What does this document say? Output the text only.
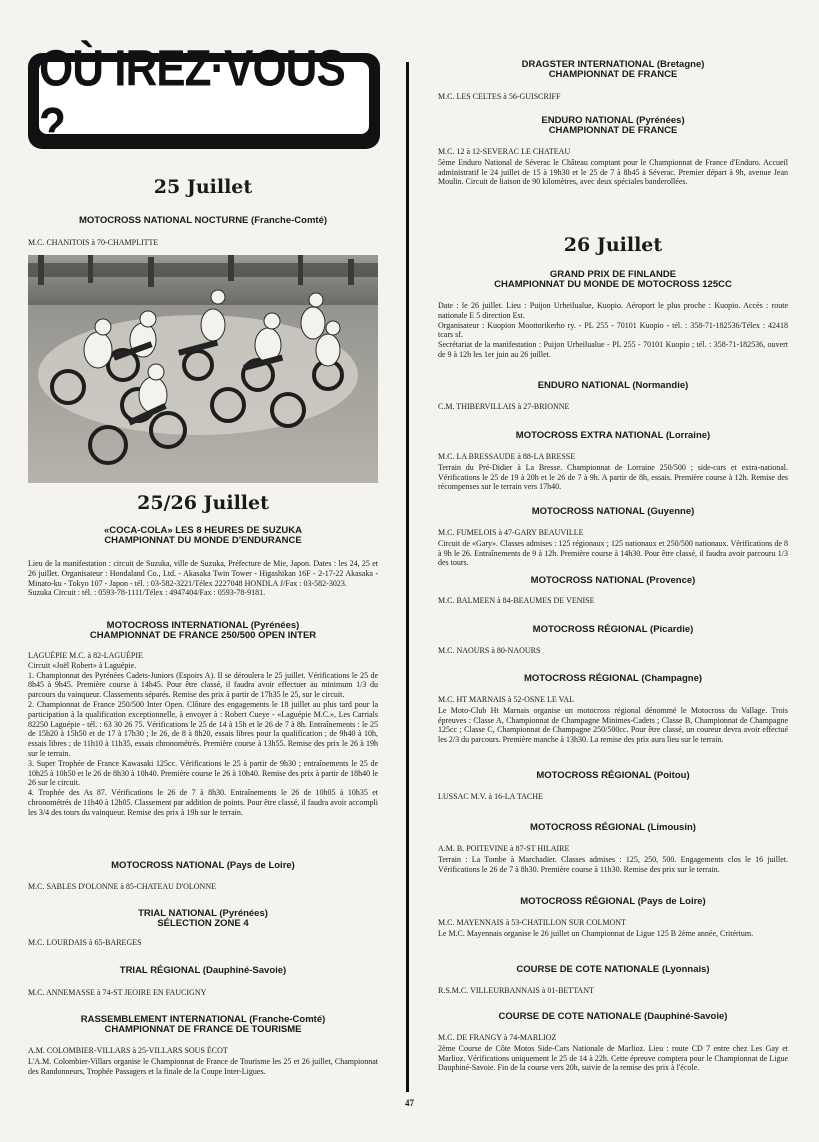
OÙ IREZ·VOUS ?
25 Juillet
MOTOCROSS NATIONAL NOCTURNE (Franche-Comté)

M.C. CHANITOIS à 70-CHAMPLITTE

25/26 Juillet
«COCA-COLA» LES 8 HEURES DE SUZUKA
CHAMPIONNAT DU MONDE D'ENDURANCE

Lieu de la manifestation : circuit de Suzuka, ville de Suzuka, Préfecture de Mie, Japon. Dates : les 24, 25 et 26 juillet. Organisateur : Hondaland Co., Ltd. - Akasaka Twin Tower - Higashikan 16F - 2-17-22 Akasaka - Minato-ku - Tokyo 107 - Japon - tél. : 03-582-3221/Télex 2227048 HONDLA J/Fax : 03-582-3023.
Suzuka Circuit : tél. : 0593-78-1111/Télex : 4947404/Fax : 0593-78-9181.

MOTOCROSS INTERNATIONAL (Pyrénées)
CHAMPIONNAT DE FRANCE 250/500 OPEN INTER

LAGUÉPIE M.C. à 82-LAGUÉPIE
Circuit «Joël Robert» à Laguépie.
1. Championnat des Pyrénées Cadets-Juniors (Espoirs A). Il se déroulera le 25 juillet. Vérifications le 25 de 8h45 à 9h45. Première course à 14h45. Pour être classé, il faudra avoir effectuer au minimum 1/3 du parcours du vainqueur. Classements séparés. Remise des prix à partir de 17h35 le 25, sur le circuit.
2. Championnat de France 250/500 Inter Open. Clôture des engagements le 18 juillet au plus tard pour la participation à la qualification exceptionnelle, à envoyer à : Robert Cueye - «Laguépie M.C.», Les Carrials 82250 Laguépie - tél. : 63 30 26 75. Vérifications le 25 de 14 à 15h et le 26 de 7 à 8h. Entraînements : le 25 de 15h20 à 15h50 et de 17 à 17h30 ; le 26, de 8 à 8h20, essais libres pour la qualification ; de 9h40 à 10h, essais libres ; de 11h10 à 11h35, essais chronométrés. Première course à 13h55. Remise des prix le 26 à 19h sur le terrain.
3. Super Trophée de France Kawasaki 125cc. Vérifications le 25 à partir de 9h30 ; entraînements le 25 de 10h25 à 10h50 et le 26 de 8h30 à 10h40. Première course le 26 à 10h40. Remise des prix à partir de 18h40 le 26 sur le circuit.
4. Trophée des As 87. Vérifications le 26 de 7 à 8h30. Entraînements le 26 de 10h05 à 10h35 et chronométrés de 11h40 à 12h05. Classement par addition de points. Pour être classé, il faudra avoir accompli les 3/4 des tours du vainqueur. Remise des prix à 19h sur le terrain.

MOTOCROSS NATIONAL (Pays de Loire)

M.C. SABLES D'OLONNE à 85-CHATEAU D'OLONNE

TRIAL NATIONAL (Pyrénées)
SÉLECTION ZONE 4

M.C. LOURDAIS à 65-BAREGES

TRIAL RÉGIONAL (Dauphiné-Savoie)

M.C. ANNEMASSE à 74-ST JEOIRE EN FAUCIGNY

RASSEMBLEMENT INTERNATIONAL (Franche-Comté)
CHAMPIONNAT DE FRANCE DE TOURISME

A.M. COLOMBIER-VILLARS à 25-VILLARS SOUS ÉCOT

L'A.M. Colombier-Villars organise le Championnat de France de Tourisme les 25 et 26 juillet, Championnat des Randonneurs, Trophée Passagers et la finale de la Coupe Inter-Ligues.

DRAGSTER INTERNATIONAL (Bretagne)
CHAMPIONNAT DE FRANCE

M.C. LES CELTES à 56-GUISCRIFF

ENDURO NATIONAL (Pyrénées)
CHAMPIONNAT DE FRANCE

M.C. 12 à 12-SEVERAC LE CHATEAU

5ème Enduro National de Séverac le Château comptant pour le Championnat de France d'Enduro. Accueil administratif le 24 juillet de 15 à 19h30 et le 25 de 7 à 8h45 à Séverac. Premier départ à 9h, avenue Jean Moulin. Circuit de liaison de 90 kilomètres, avec deux spéciales banderollées.

26 Juillet
GRAND PRIX DE FINLANDE
CHAMPIONNAT DU MONDE DE MOTOCROSS 125CC

Date : le 26 juillet. Lieu : Puijon Urheilualue, Kuopio. Aéroport le plus proche : Kuopio. Accès : route nationale E 5 direction Est.
Organisateur : Kuopion Moottorikerho ry. - PL 255 - 70101 Kuopio - tél. : 358-71-182536/Télex : 42418 tcars sf.
Secrétariat de la manifestation : Puijon Urheilualue - PL 255 - 70101 Kuopio ; tél. : 358-71-182536, ouvert de 9 à 12h les 1er juin au 26 juillet.

ENDURO NATIONAL (Normandie)

C.M. THIBERVILLAIS à 27-BRIONNE

MOTOCROSS EXTRA NATIONAL (Lorraine)

M.C. LA BRESSAUDE à 88-LA BRESSE

Terrain du Pré-Didier à La Bresse. Championnat de Lorraine 250/500 ; side-cars et extra-national. Vérifications le 25 de 19 à 20h et le 26 de 7 à 9h. A partir de 8h, essais. Première course à 12h. Remise des récompenses sur le terrain vers 17h40.

MOTOCROSS NATIONAL (Guyenne)

M.C. FUMELOIS à 47-GARY BEAUVILLE

Circuit de «Gary». Classes admises : 125 régionaux ; 125 nationaux et 250/500 nationaux. Vérifications de 8 à 9h le 26. Entraînements de 9 à 12h. Première course à 14h30. Pour être classé, il faudra avoir parcouru 1/3 des tours.

MOTOCROSS NATIONAL (Provence)

M.C. BALMEEN à 84-BEAUMES DE VENISE

MOTOCROSS RÉGIONAL (Picardie)

M.C. NAOURS à 80-NAOURS

MOTOCROSS RÉGIONAL (Champagne)

M.C. HT MARNAIS à 52-OSNE LE VAL

Le Moto-Club Ht Marnais organise un motocross régional dénommé le Motocross du Vallage. Trois épreuves : Classe A, Championnat de Champagne Minimes-Cadets ; Classe B, Championnat de Champagne 125cc ; Classe C, Championnat de Champagne 250/500cc. Pour être classé, un coureur devra avoir effectué les 2/3 du parcours. Première manche à 13h30. La remise des prix aura lieu sur le terrain.

MOTOCROSS RÉGIONAL (Poitou)

LUSSAC M.V. à 16-LA TACHE

MOTOCROSS RÉGIONAL (Limousin)

A.M. B. POITEVINE à 87-ST HILAIRE

Terrain : La Tombe à Marchadier. Classes admises : 125, 250, 500. Engagements clos le 16 juillet. Vérifications le 26 de 7 à 8h30. Première course à 11h30. Remise des prix sur le terrain.

MOTOCROSS RÉGIONAL (Pays de Loire)

M.C. MAYENNAIS à 53-CHATILLON SUR COLMONT

Le M.C. Mayennais organise le 26 juillet un Championnat de Ligue 125 B 2ème année, Critérium.

COURSE DE COTE NATIONALE (Lyonnais)

R.S.M.C. VILLEURBANNAIS à 01-BETTANT

COURSE DE COTE NATIONALE (Dauphiné-Savoie)

M.C. DE FRANGY à 74-MARLIOZ

2ème Course de Côte Motos Side-Cars Nationale de Marlioz. Lieu : route CD 7 entre chez Les Gay et Marlioz. Vérifications uniquement le 25 de 14 à 22h. Cette épreuve comptera pour le Championnat de Ligue Dauphiné-Savoie. Fin de la course vers 20h, suivie de la remise des prix à l'école.

47
